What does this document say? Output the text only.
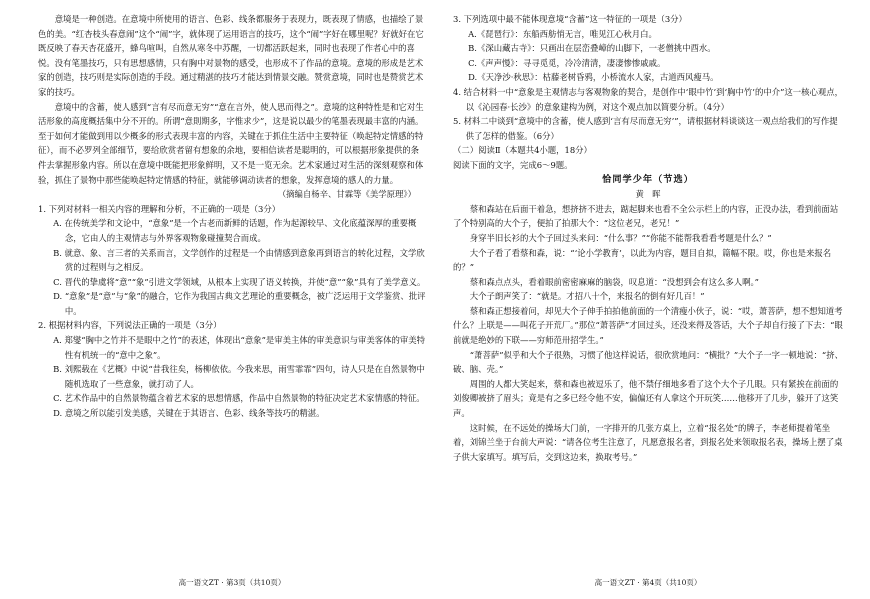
意境是一种创造。在意境中所使用的语言、色彩、线条都服务于表现力，既表现了情感，也描绘了景色的美。“红杏枝头春意闹”这个“闹”字，就体现了运用语言的技巧，这个“闹”字好在哪里呢？好就好在它既反映了春天杏花盛开，蜂鸟喧叫，自然从寒冬中苏醒，一切都活跃起来，同时也表现了作者心中的喜悦。没有笔墨技巧，只有思想感情，只有胸中对景物的感受，也形成不了作品的意境。意境的形成是艺术家的创造，技巧则是实际创造的手段。通过精湛的技巧才能达到情景交融。赞赏意境，同时也是赞赏艺术家的技巧。

意境中的含蓄，使人感到“言有尽而意无穷”“意在言外，使人思而得之”。意境的这种特性是和它对生活形象的高度概括集中分不开的。所谓“意則期多，字惟求少”，这是说以最少的笔墨表现最丰富的内涵。至于如何才能做到用以少概多的形式表现丰富的内容，关键在于抓住生活中主要特征（唤起特定情感的特征），而不必罗列全部细节，要给欣赏者留有想象的余地，要相信读者是聪明的，可以根据形象提供的条件去掌握形象内容。所以在意境中既能把形象鲜明，又不是一览无余。艺术家通过对生活的深刻观察和体验，抓住了景物中那些能唤起特定情感的特征，就能够调动读者的想象，发挥意境的感人的力量。

（摘编自杨辛、甘霖等《美学原理》）

1. 下列对材料一相关内容的理解和分析，不正确的一项是（3分）

A. 在传统美学和文论中，“意象”是一个古老而新鲜的话题，作为起源较早、文化底蕴深厚的重要概念，它由人的主观情志与外界客观物象碰撞契合而成。

B. 就意、象、言三者的关系而言，文学创作的过程是一个由情感到意象再到语言的转化过程，文学欣赏的过程则与之相反。

C. 晋代的挚虞将“意”“象”引进文学领域，从根本上实现了语义转换，并使“意”“象”具有了美学意义。

D. “意象”是“意”与“象”的融合，它作为我国古典文艺理论的重要概念，被广泛运用于文学鉴赏、批评中。

2. 根据材料内容，下列说法正确的一项是（3分）

A. 郑燮“胸中之竹并不是眼中之竹”的表述，体现出“意象”是审美主体的审美意识与审美客体的审美特性有机统一的“意中之象”。

B. 刘熙载在《艺概》中说“昔我往矣，杨柳依依。今我来思，雨雪霏霏”四句，诗人只是在自然景物中随机选取了一些意象，就打动了人。

C. 艺术作品中的自然景物蕴含着艺术家的思想情感，作品中自然景物的特征决定艺术家情感的特征。

D. 意境之所以能引发美感，关键在于其语言、色彩、线条等技巧的精湛。

3. 下列选项中最不能体现意境“含蓄”这一特征的一项是（3分）

A.《琵琶行》：东船西舫悄无言，唯见江心秋月白。

B.《深山藏古寺》：只画出在层峦叠嶂的山脚下，一老僧挑中酉水。

C.《声声慢》：寻寻觅觅，冷冷清清，凄凄惨惨戚戚。

D.《天净沙·秋思》：枯藤老树昏鸦，小桥流水人家，古道西风瘦马。

4. 结合材料一中“意象是主观情志与客观物象的契合，是创作中‘眼中竹’到‘胸中竹’的中介”这一核心观点，以《沁园春·长沙》的意象建构为例，对这个观点加以简要分析。（4分）

5. 材料二中谈到“意境中的含蓄，使人感到‘言有尽而意无穷’”，请根据材料谈谈这一观点给我们的写作提供了怎样的借鉴。（6分）

（二）阅读Ⅱ（本题共4小题，18分）

阅读下面的文字，完成6～9题。

恰同学少年（节选）

黄　晖

蔡和森站在后面干着急，想挤挤不进去，踮起脚来也看不全公示栏上的内容，正没办法，看到前面站了个特别高的大个子，便拍了拍那大个：“这位老兄，老兄！”

身穿半旧长衫的大个子回过头来问：“什么事？”“你能不能帮我看看考题是什么？”

大个子看了看蔡和森，说：“‘论小学教育’，以此为内容，题目自拟，篇幅不限。哎，你也是来报名的？”

蔡和森点点头，看着眼前密密麻麻的脑袋，叹息道：“没想到会有这么多人啊。”

大个子朗声笑了：“就是。才招八十个，来报名的倒有好几百！”

蔡和森正想接着问，却见大个子伸手拍拍他前面的一个清瘦小伙子，说：“哎，萧菩萨，想不想知道考什么？上联是——叫花子开荒厂。”那位“萧菩萨”才回过头，还没来得及答话，大个子却自行接了下去：“眼前就是绝妙的下联——穷师范卅招学生。”

“萧菩萨”似乎和大个子很熟，习惯了他这样说话，很欣赏地问：“横批？”大个子一字一顿地说：“挤、破、脑、壳。”

周围的人都大笑起来，蔡和森也被逗乐了，他不禁仔细地多看了这个大个子几眼。只有紧挨在前面的刘俊卿被挤了眉头；竟是有之多已经令他不安，偏偏还有人拿这个开玩笑……他移开了几步，躲开了这笑声。

这时候，在不远处的操场大门前，一字排开的几张方桌上，立着“报名处”的牌子，李老师提着笔坐着，刘锦兰坐于台前大声说：“请各位考生注意了，凡愿意报名者，到报名处来领取报名表，操场上摆了桌子供大家填写。填写后，交到这边来，换取考号。”

高一语文ZT · 第3页（共10页）	高一语文ZT · 第4页（共10页）
